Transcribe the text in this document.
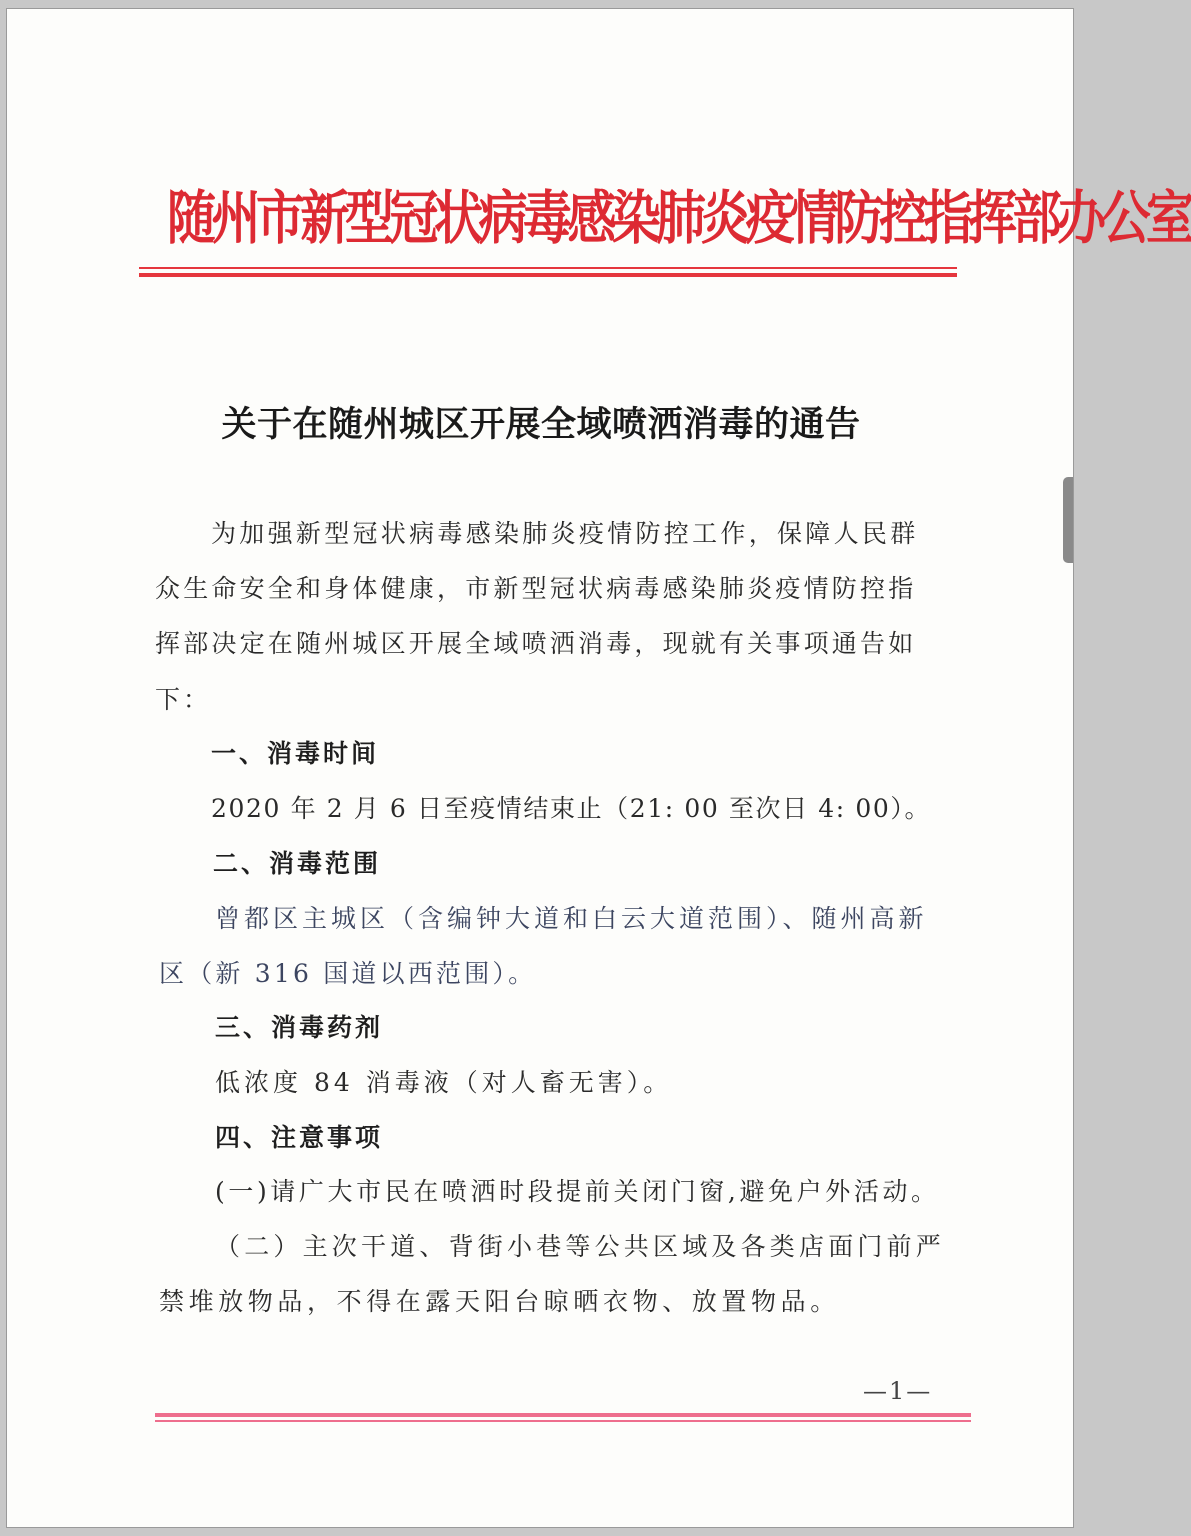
随州市新型冠状病毒感染肺炎疫情防控指挥部办公室
关于在随州城区开展全域喷洒消毒的通告
为加强新型冠状病毒感染肺炎疫情防控工作，保障人民群
众生命安全和身体健康，市新型冠状病毒感染肺炎疫情防控指
挥部决定在随州城区开展全域喷洒消毒，现就有关事项通告如
下：
一、消毒时间
2020 年 2 月 6 日至疫情结束止（21: 00 至次日 4: 00）。
二、消毒范围
曾都区主城区（含编钟大道和白云大道范围）、随州高新
区（新 316 国道以西范围）。
三、消毒药剂
低浓度 84 消毒液（对人畜无害）。
四、注意事项
(一)请广大市民在喷洒时段提前关闭门窗,避免户外活动。
（二）主次干道、背街小巷等公共区域及各类店面门前严
禁堆放物品，不得在露天阳台晾晒衣物、放置物品。
—1—
